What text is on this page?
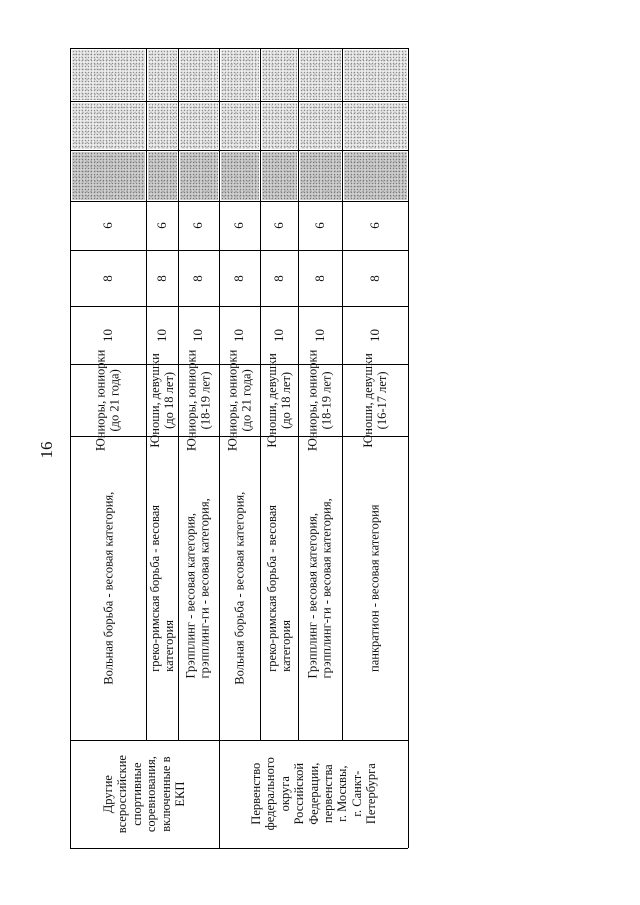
16
Другие
всероссийские
спортивные
соревнования,
включенные в
ЕКП	Первенство
федерального
округа
Российской
Федерации,
первенства
г. Москвы,
г. Санкт-
Петербурга
Вольная борьба - весовая категория,
Юниоры, юниорки
(до 21 года)
10
8
6
греко-римская борьба - весовая
категория
Юноши, девушки
(до 18 лет)
10
8
6
Грэпплинг - весовая категория,
грэпплинг-ги - весовая категория,
Юниоры, юниорки
(18-19 лет)
10
8
6
Вольная борьба - весовая категория,
Юниоры, юниорки
(до 21 года)
10
8
6
греко-римская борьба - весовая
категория
Юноши, девушки
(до 18 лет)
10
8
6
Грэпплинг - весовая категория,
грэпплинг-ги - весовая категория,
Юниоры, юниорки
(18-19 лет)
10
8
6
панкратион - весовая категория
Юноши, девушки
(16-17 лет)
10
8
6
